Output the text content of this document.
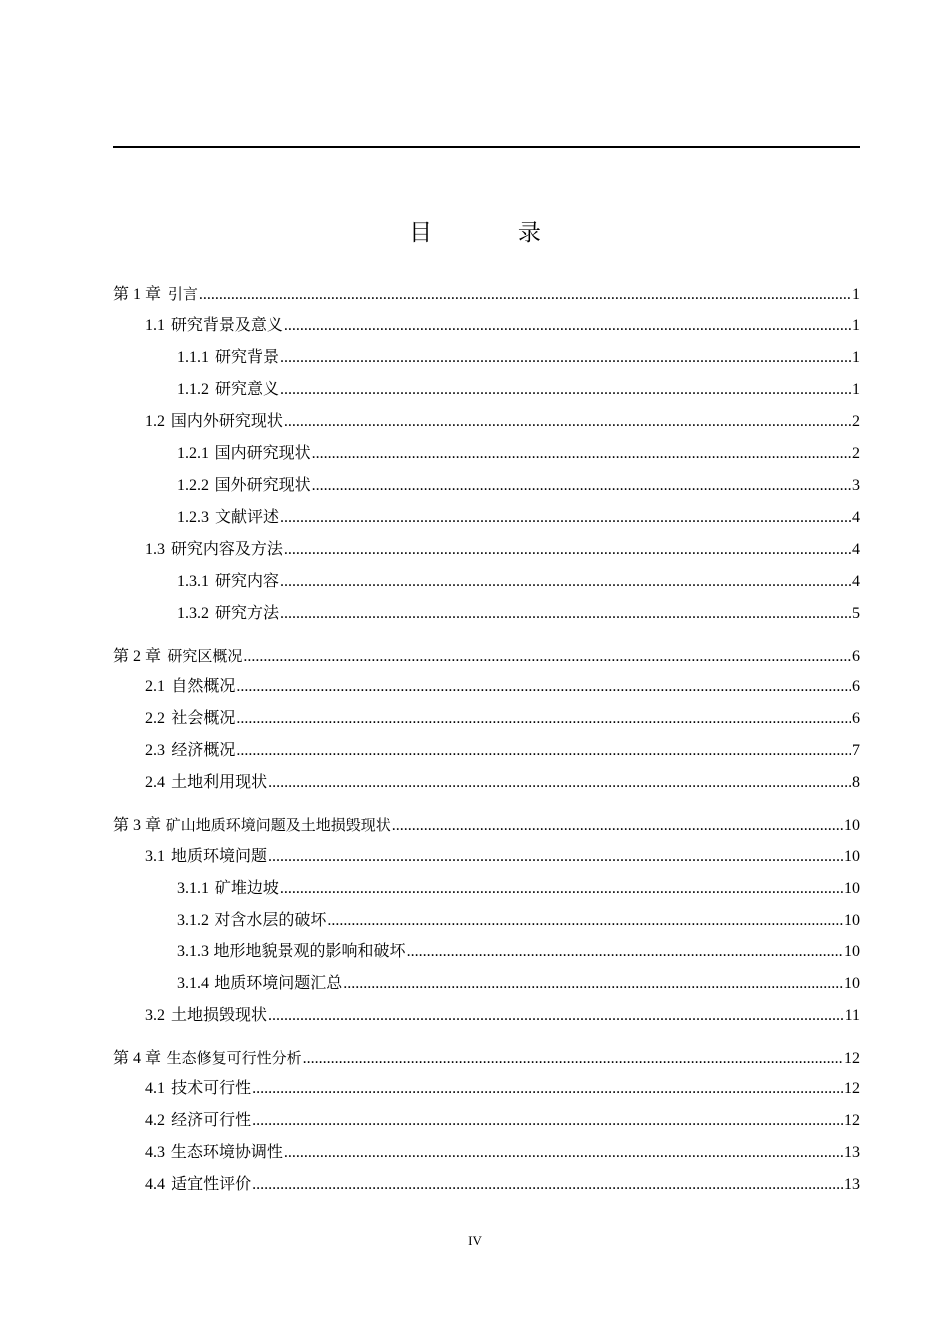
目 录
第 1 章 引言 .....	1
1.1 研究背景及意义 .....	1
1.1.1 研究背景 .....	1
1.1.2 研究意义 .....	1
1.2 国内外研究现状 .....	2
1.2.1 国内研究现状 .....	2
1.2.2 国外研究现状 .....	3
1.2.3 文献评述 .....	4
1.3 研究内容及方法 .....	4
1.3.1 研究内容 .....	4
1.3.2 研究方法 .....	5
第 2 章 研究区概况 .....	6
2.1 自然概况 .....	6
2.2 社会概况 .....	6
2.3 经济概况 .....	7
2.4 土地利用现状 .....	8
第 3 章 矿山地质环境问题及土地损毁现状 .....	10
3.1 地质环境问题 .....	10
3.1.1 矿堆边坡 .....	10
3.1.2 对含水层的破坏 .....	10
3.1.3 地形地貌景观的影响和破坏 .....	10
3.1.4 地质环境问题汇总 .....	10
3.2 土地损毁现状 .....	11
第 4 章 生态修复可行性分析 .....	12
4.1 技术可行性 .....	12
4.2 经济可行性 .....	12
4.3 生态环境协调性 .....	13
4.4 适宜性评价 .....	13
IV
